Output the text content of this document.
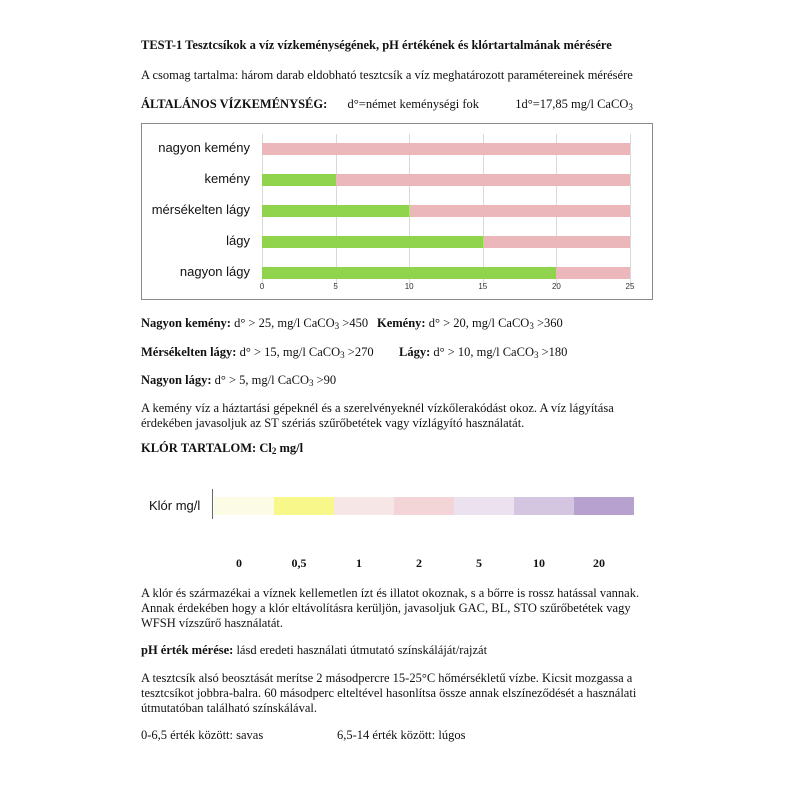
TEST-1 Tesztcsíkok a víz vízkeménységének, pH értékének és klórtartalmának mérésére
A csomag tartalma: három darab eldobható tesztcsík a víz meghatározott paramétereinek mérésére
ÁLTALÁNOS VÍZKEMÉNYSÉG: d°=német keménységi fok	1d°=17,85 mg/l CaCO$_3$
0	5	10	15	20	25
nagyon kemény
kemény
mérsékelten lágy
lágy
nagyon lágy
Nagyon kemény: d° > 25, mg/l CaCO$_3$ >450 Kemény: d° > 20, mg/l CaCO$_3$ >360
Mérsékelten lágy: d° > 15, mg/l CaCO$_3$ >270 Lágy: d° > 10, mg/l CaCO$_3$ >180
Nagyon lágy: d° > 5, mg/l CaCO$_3$ >90
A kemény víz a háztartási gépeknél és a szerelvényeknél vízkőlerakódást okoz. A víz lágyítása érdekében javasoljuk az ST szériás szűrőbetétek vagy vízlágyító használatát.
KLÓR TARTALOM: $Cl_2$ mg/l
Klór mg/l
0	0,5	1	2	5	10	20
A klór és származékai a víznek kellemetlen ízt és illatot okoznak, s a bőrre is rossz hatással vannak. Annak érdekében hogy a klór eltávolításra kerüljön, javasoljuk GAC, BL, STO szűrőbetétek vagy WFSH vízszűrő használatát.
pH érték mérése: lásd eredeti használati útmutató színskáláját/rajzát
A tesztcsík alsó beosztását merítse 2 másodpercre 15-25°C hőmérsékletű vízbe. Kicsit mozgassa a tesztcsíkot jobbra-balra. 60 másodperc elteltével hasonlítsa össze annak elszíneződését a használati útmutatóban található színskálával.
0-6,5 érték között: savas	6,5-14 érték között: lúgos
